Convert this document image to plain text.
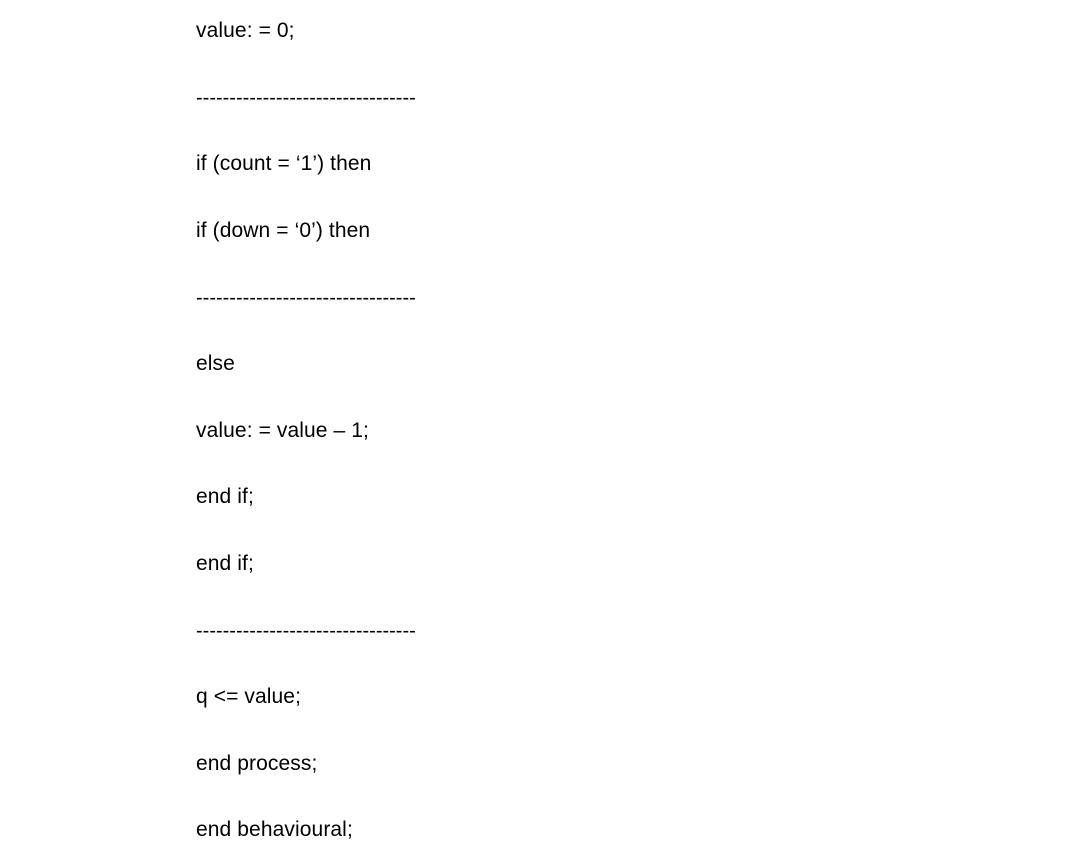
value: = 0;
---------------------------------
if (count = ‘1’) then
if (down = ‘0’) then
---------------------------------
else
value: = value – 1;
end if;
end if;
---------------------------------
q <= value;
end process;
end behavioural;
